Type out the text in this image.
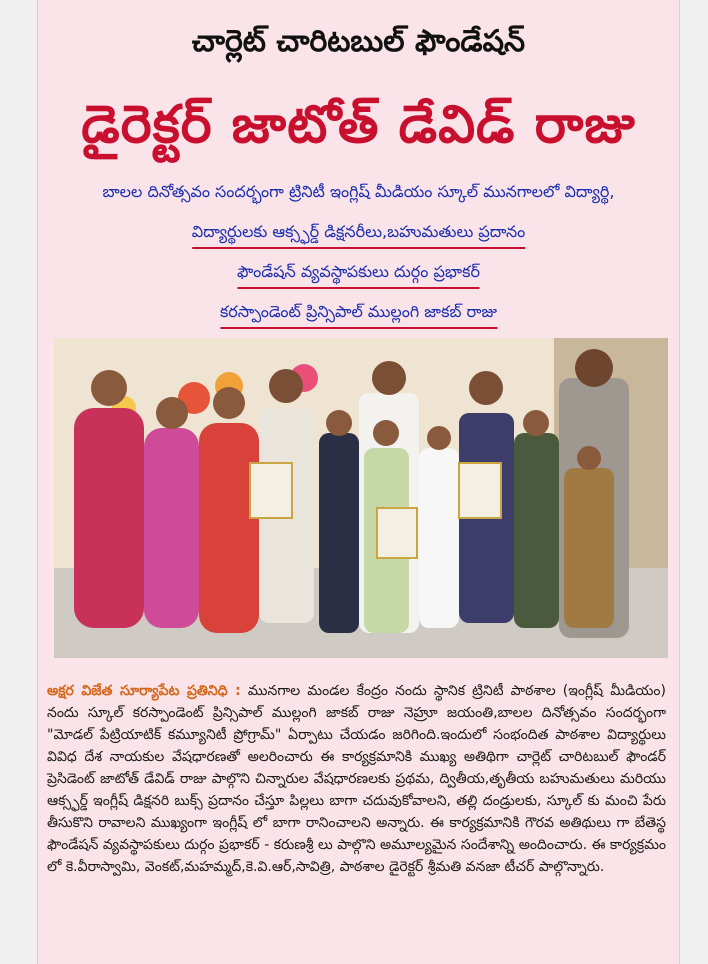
చార్లెట్ చారిటబుల్ ఫౌండేషన్
డైరెక్టర్ జాటోత్ డేవిడ్ రాజు
బాలల దినోత్సవం సందర్భంగా ట్రినిటీ ఇంగ్లిష్ మీడియం స్కూల్ మునగాలలో విద్యార్థి,
విద్యార్థులకు ఆక్స్ఫర్డ్ డిక్షనరీలు,బహుమతులు ప్రదానం
ఫౌండేషన్ వ్యవస్థాపకులు దుర్గం ప్రభాకర్
కరస్పాండెంట్ ప్రిన్సిపాల్ ముల్లంగి జాకబ్ రాజు
అక్షర విజేత సూర్యాపేట ప్రతినిధి : మునగాల మండల కేంద్రం నందు స్థానిక ట్రినిటీ పాఠశాల (ఇంగ్లీష్ మీడియం) నందు స్కూల్ కరస్పాండెంట్ ప్రిన్సిపాల్ ముల్లంగి జాకబ్ రాజు నెహ్రూ జయంతి,బాలల దినోత్సవం సందర్భంగా "మోడల్ పేట్రియాటిక్ కమ్యూనిటీ ప్రోగ్రామ్" ఏర్పాటు చేయడం జరిగింది.ఇందులో సంభందిత పాఠశాల విద్యార్థులు వివిధ దేశ నాయకుల వేషధారణతో అలరించారు ఈ కార్యక్రమానికి ముఖ్య అతిథిగా చార్లెట్ చారిటబుల్ ఫౌండర్ ప్రెసిడెంట్ జాటోత్ డేవిడ్ రాజు పాల్గొని చిన్నారుల వేషధారణలకు ప్రథమ, ద్వితీయ,తృతీయ బహుమతులు మరియు ఆక్స్ఫర్డ్ ఇంగ్లీష్ డిక్షనరి బుక్స్ ప్రదానం చేస్తూ పిల్లలు బాగా చదువుకోవాలని, తల్లి దండ్రులకు, స్కూల్ కు మంచి పేరు తీసుకొని రావాలని ముఖ్యంగా ఇంగ్లీష్ లో బాగా రానించాలని అన్నారు. ఈ కార్యక్రమానికి గౌరవ అతిథులు గా బేతెస్థ ఫౌండేషన్ వ్యవస్థాపకులు దుర్గం ప్రభాకర్ - కరుణశ్రీ లు పాల్గొని అమూల్యమైన సందేశాన్ని అందించారు. ఈ కార్యక్రమం లో కె.వీరాస్వామి, వెంకట్,మహమ్మద్,కె.వి.ఆర్,సావిత్రి, పాఠశాల డైరెక్టర్ శ్రీమతి వనజా టీచర్ పాల్గొన్నారు.
